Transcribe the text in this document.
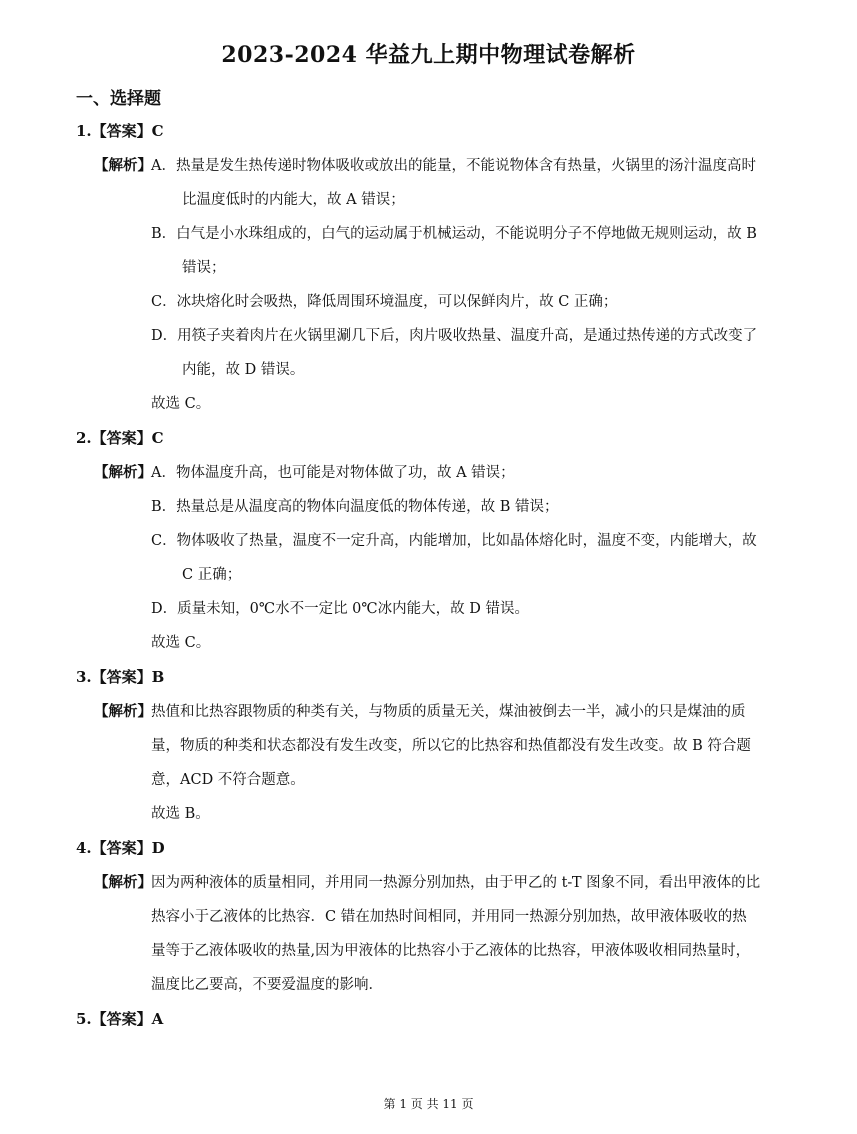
2023-2024 华益九上期中物理试卷解析
一、选择题
1.【答案】C
【解析】 A．热量是发生热传递时物体吸收或放出的能量，不能说物体含有热量，火锅里的汤汁温度高时
比温度低时的内能大，故 A 错误；
B．白气是小水珠组成的，白气的运动属于机械运动，不能说明分子不停地做无规则运动，故 B
错误；
C．冰块熔化时会吸热，降低周围环境温度，可以保鲜肉片，故 C 正确；
D．用筷子夹着肉片在火锅里涮几下后，肉片吸收热量、温度升高，是通过热传递的方式改变了
内能，故 D 错误。
故选 C。
2.【答案】C
【解析】 A．物体温度升高，也可能是对物体做了功，故 A 错误；
B．热量总是从温度高的物体向温度低的物体传递，故 B 错误；
C．物体吸收了热量，温度不一定升高，内能增加，比如晶体熔化时，温度不变，内能增大，故
C 正确；
D．质量未知，0℃水不一定比 0℃冰内能大，故 D 错误。
故选 C。
3.【答案】B
【解析】 热值和比热容跟物质的种类有关，与物质的质量无关，煤油被倒去一半，减小的只是煤油的质
量，物质的种类和状态都没有发生改变，所以它的比热容和热值都没有发生改变。故 B 符合题
意，ACD 不符合题意。
故选 B。
4.【答案】D
【解析】 因为两种液体的质量相同，并用同一热源分别加热，由于甲乙的 t-T 图象不同，看出甲液体的比
热容小于乙液体的比热容．C 错在加热时间相同，并用同一热源分别加热，故甲液体吸收的热
量等于乙液体吸收的热量,因为甲液体的比热容小于乙液体的比热容，甲液体吸收相同热量时，
温度比乙要高，不要爱温度的影响．
5.【答案】A
第 1 页 共 11 页
